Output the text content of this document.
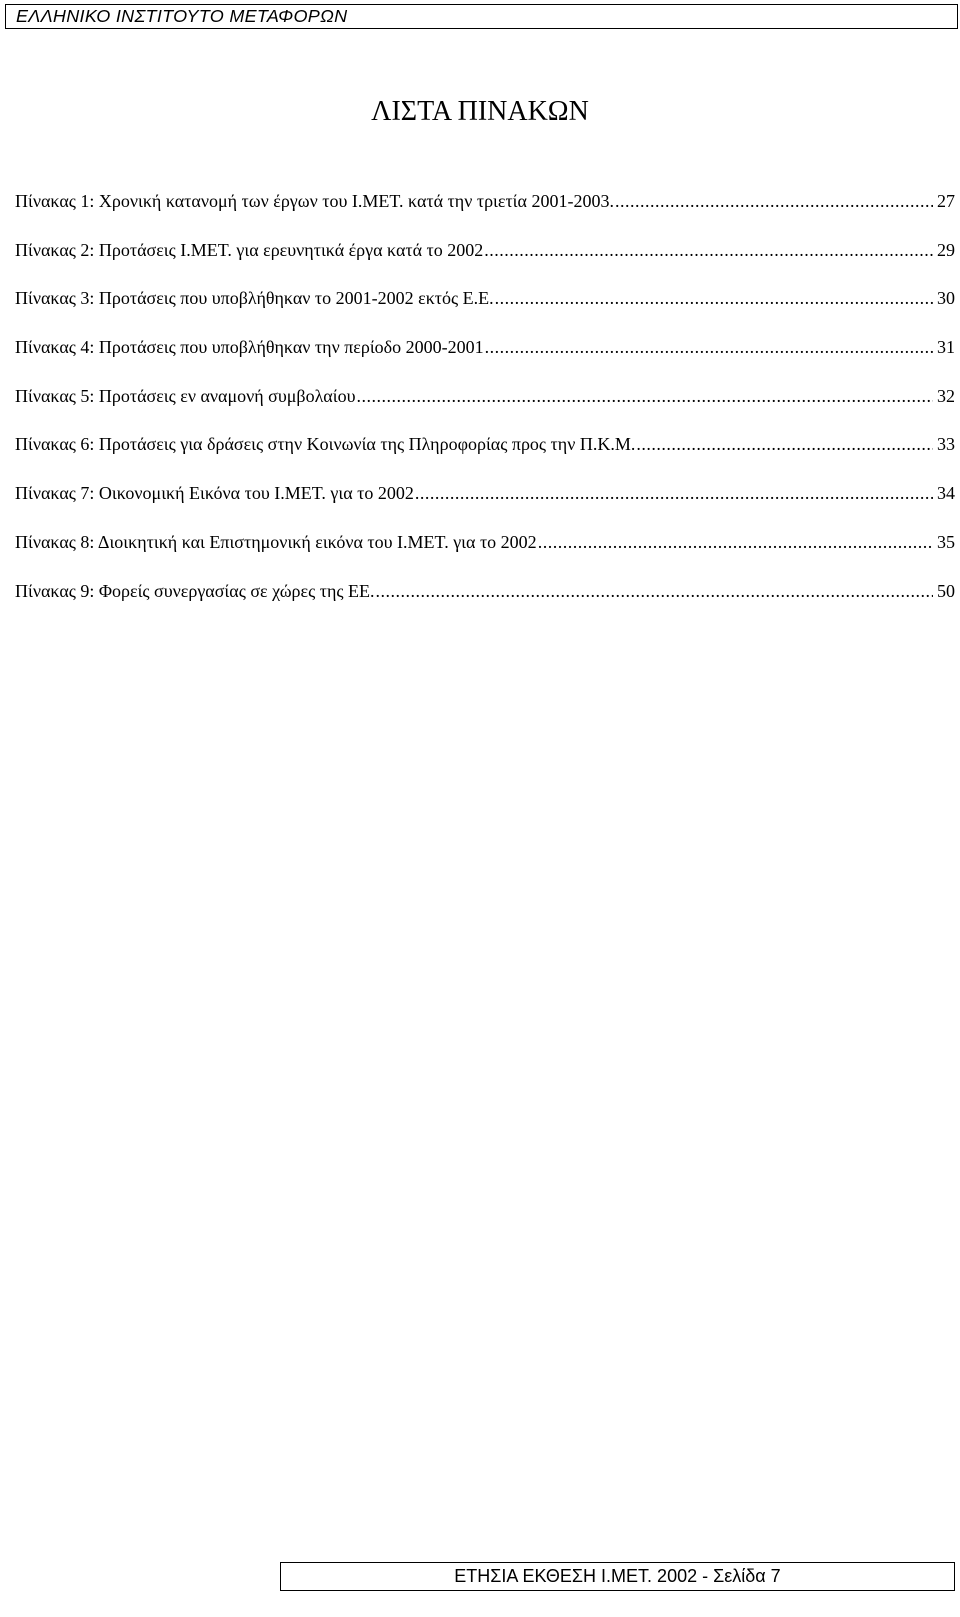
ΕΛΛΗΝΙΚΟ ΙΝΣΤΙΤΟΥΤΟ ΜΕΤΑΦΟΡΩΝ
ΛΙΣΤΑ ΠΙΝΑΚΩΝ
Πίνακας 1: Χρονική κατανομή των έργων του Ι.ΜΕΤ. κατά την τριετία 2001-2003. .....	27
Πίνακας 2: Προτάσεις Ι.ΜΕΤ. για ερευνητικά έργα κατά το 2002 .....	29
Πίνακας 3: Προτάσεις που υποβλήθηκαν το 2001-2002 εκτός Ε.Ε. .....	30
Πίνακας 4: Προτάσεις που υποβλήθηκαν την περίοδο 2000-2001 .....	31
Πίνακας 5: Προτάσεις εν αναμονή συμβολαίου .....	32
Πίνακας 6: Προτάσεις για δράσεις στην Κοινωνία της Πληροφορίας προς την Π.Κ.Μ. .....	33
Πίνακας 7: Οικονομική Εικόνα του Ι.ΜΕΤ. για το 2002 .....	34
Πίνακας 8: Διοικητική και Επιστημονική εικόνα του Ι.ΜΕΤ. για το 2002 .....	35
Πίνακας 9: Φορείς συνεργασίας σε χώρες της ΕΕ. .....	50
ΕΤΗΣΙΑ ΕΚΘΕΣΗ Ι.ΜΕΤ. 2002 - Σελίδα 7
